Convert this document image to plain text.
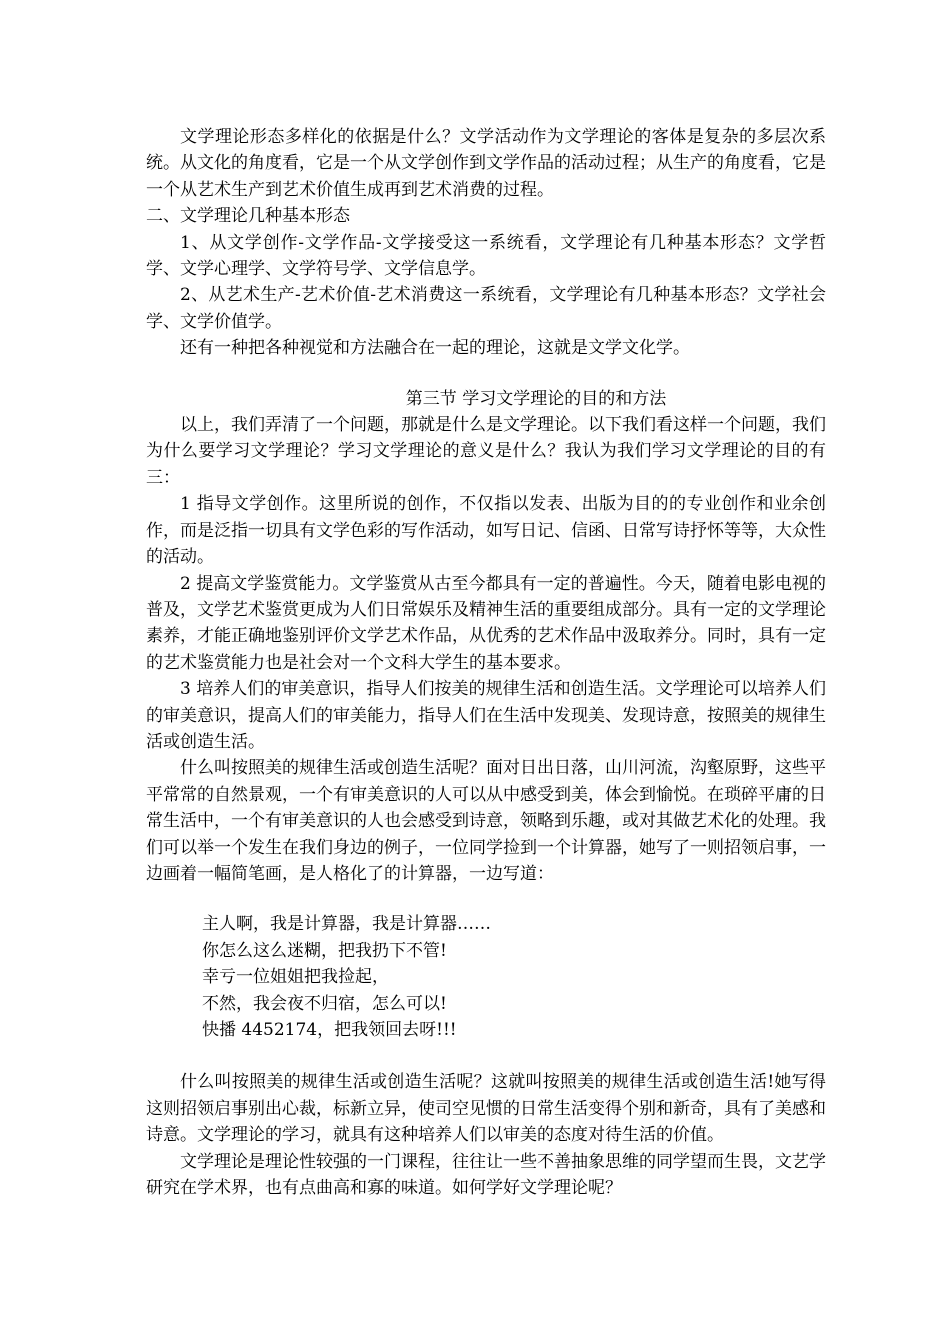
文学理论形态多样化的依据是什么？文学活动作为文学理论的客体是复杂的多层次系统。从文化的角度看，它是一个从文学创作到文学作品的活动过程；从生产的角度看，它是一个从艺术生产到艺术价值生成再到艺术消费的过程。

二、文学理论几种基本形态

1、从文学创作-文学作品-文学接受这一系统看，文学理论有几种基本形态？文学哲学、文学心理学、文学符号学、文学信息学。

2、从艺术生产-艺术价值-艺术消费这一系统看，文学理论有几种基本形态？文学社会学、文学价值学。

还有一种把各种视觉和方法融合在一起的理论，这就是文学文化学。

第三节 学习文学理论的目的和方法

以上，我们弄清了一个问题，那就是什么是文学理论。以下我们看这样一个问题，我们为什么要学习文学理论？学习文学理论的意义是什么？我认为我们学习文学理论的目的有三：

1 指导文学创作。这里所说的创作，不仅指以发表、出版为目的的专业创作和业余创作，而是泛指一切具有文学色彩的写作活动，如写日记、信函、日常写诗抒怀等等，大众性的活动。

2 提高文学鉴赏能力。文学鉴赏从古至今都具有一定的普遍性。今天，随着电影电视的普及，文学艺术鉴赏更成为人们日常娱乐及精神生活的重要组成部分。具有一定的文学理论素养，才能正确地鉴别评价文学艺术作品，从优秀的艺术作品中汲取养分。同时，具有一定的艺术鉴赏能力也是社会对一个文科大学生的基本要求。

3 培养人们的审美意识，指导人们按美的规律生活和创造生活。文学理论可以培养人们的审美意识，提高人们的审美能力，指导人们在生活中发现美、发现诗意，按照美的规律生活或创造生活。

什么叫按照美的规律生活或创造生活呢？面对日出日落，山川河流，沟壑原野，这些平平常常的自然景观，一个有审美意识的人可以从中感受到美，体会到愉悦。在琐碎平庸的日常生活中，一个有审美意识的人也会感受到诗意，领略到乐趣，或对其做艺术化的处理。我们可以举一个发生在我们身边的例子，一位同学捡到一个计算器，她写了一则招领启事，一边画着一幅简笔画，是人格化了的计算器，一边写道：

主人啊，我是计算器，我是计算器……
你怎么这么迷糊，把我扔下不管!
幸亏一位姐姐把我捡起，
不然，我会夜不归宿，怎么可以!
快播 4452174，把我领回去呀!!!

什么叫按照美的规律生活或创造生活呢？这就叫按照美的规律生活或创造生活!她写得这则招领启事别出心裁，标新立异，使司空见惯的日常生活变得个别和新奇，具有了美感和诗意。文学理论的学习，就具有这种培养人们以审美的态度对待生活的价值。

文学理论是理论性较强的一门课程，往往让一些不善抽象思维的同学望而生畏，文艺学研究在学术界，也有点曲高和寡的味道。如何学好文学理论呢？
